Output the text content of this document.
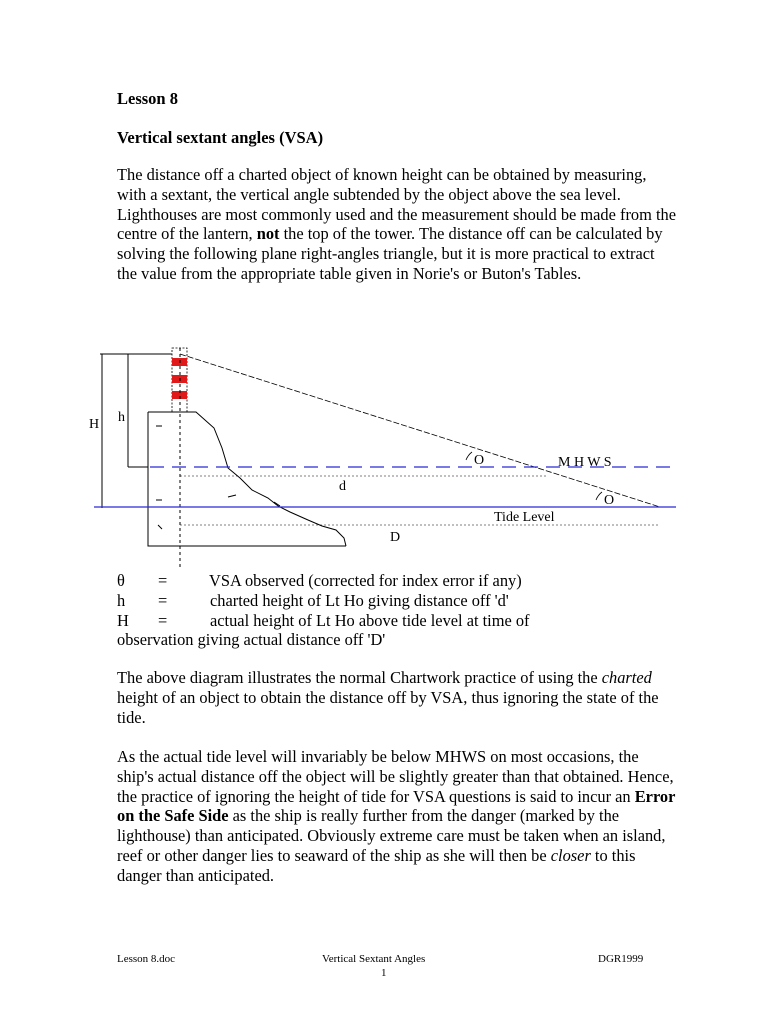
Lesson 8
Vertical sextant angles (VSA)

The distance off a charted object of known height can be obtained by measuring, with a sextant, the vertical angle subtended by the object above the sea level. Lighthouses are most commonly used and the measurement should be made from the centre of the lantern, not the top of the tower. The distance off can be calculated by solving the following plane right-angles triangle, but it is more practical to extract the value from the appropriate table given in Norie's or Buton's Tables.

H h
M H W S
d
Tide Level
D
O
O
θ =	VSA observed (corrected for index error if any)
h =	charted height of Lt Ho giving distance off 'd'
H =	actual height of Lt Ho above tide level at time of
observation giving actual distance off 'D'

The above diagram illustrates the normal Chartwork practice of using the charted height of an object to obtain the distance off by VSA, thus ignoring the state of the tide.

As the actual tide level will invariably be below MHWS on most occasions, the ship's actual distance off the object will be slightly greater than that obtained. Hence, the practice of ignoring the height of tide for VSA questions is said to incur an Error on the Safe Side as the ship is really further from the danger (marked by the lighthouse) than anticipated. Obviously extreme care must be taken when an island, reef or other danger lies to seaward of the ship as she will then be closer to this danger than anticipated.

Lesson 8.doc	Vertical Sextant Angles	DGR1999
1
